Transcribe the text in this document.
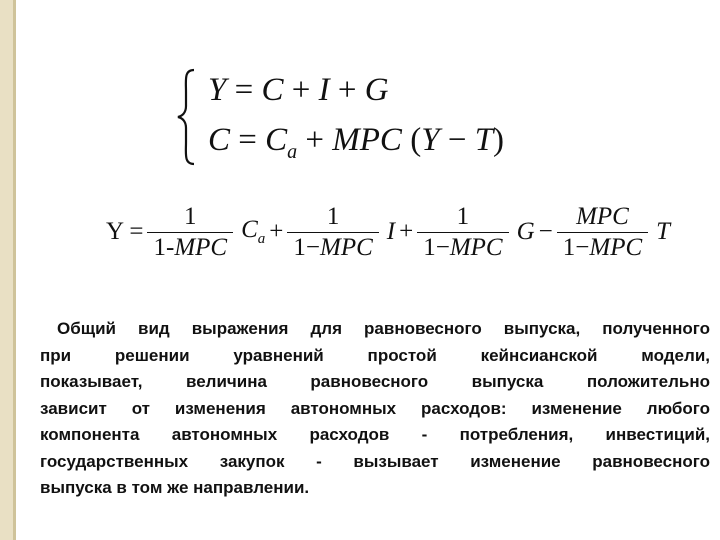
Y = C + I + G
$C = C_a$ + MPC (Y − T)
$Y = \frac{1}{\text{1-MPC}} C_a + \frac{1}{\text{1−MPC}}$ $I + \frac{1}{\text{1−MPC}}$ $G - \frac{\text{MPC}}{\text{1−MPC}}$ T

Общий вид выражения для равновесного выпуска, полученного
при решении уравнений простой кейнсианской модели,
показывает, величина равновесного выпуска положительно
зависит от изменения автономных расходов: изменение любого
компонента автономных расходов - потребления, инвестиций,
государственных закупок - вызывает изменение равновесного
выпуска в том же направлении.
